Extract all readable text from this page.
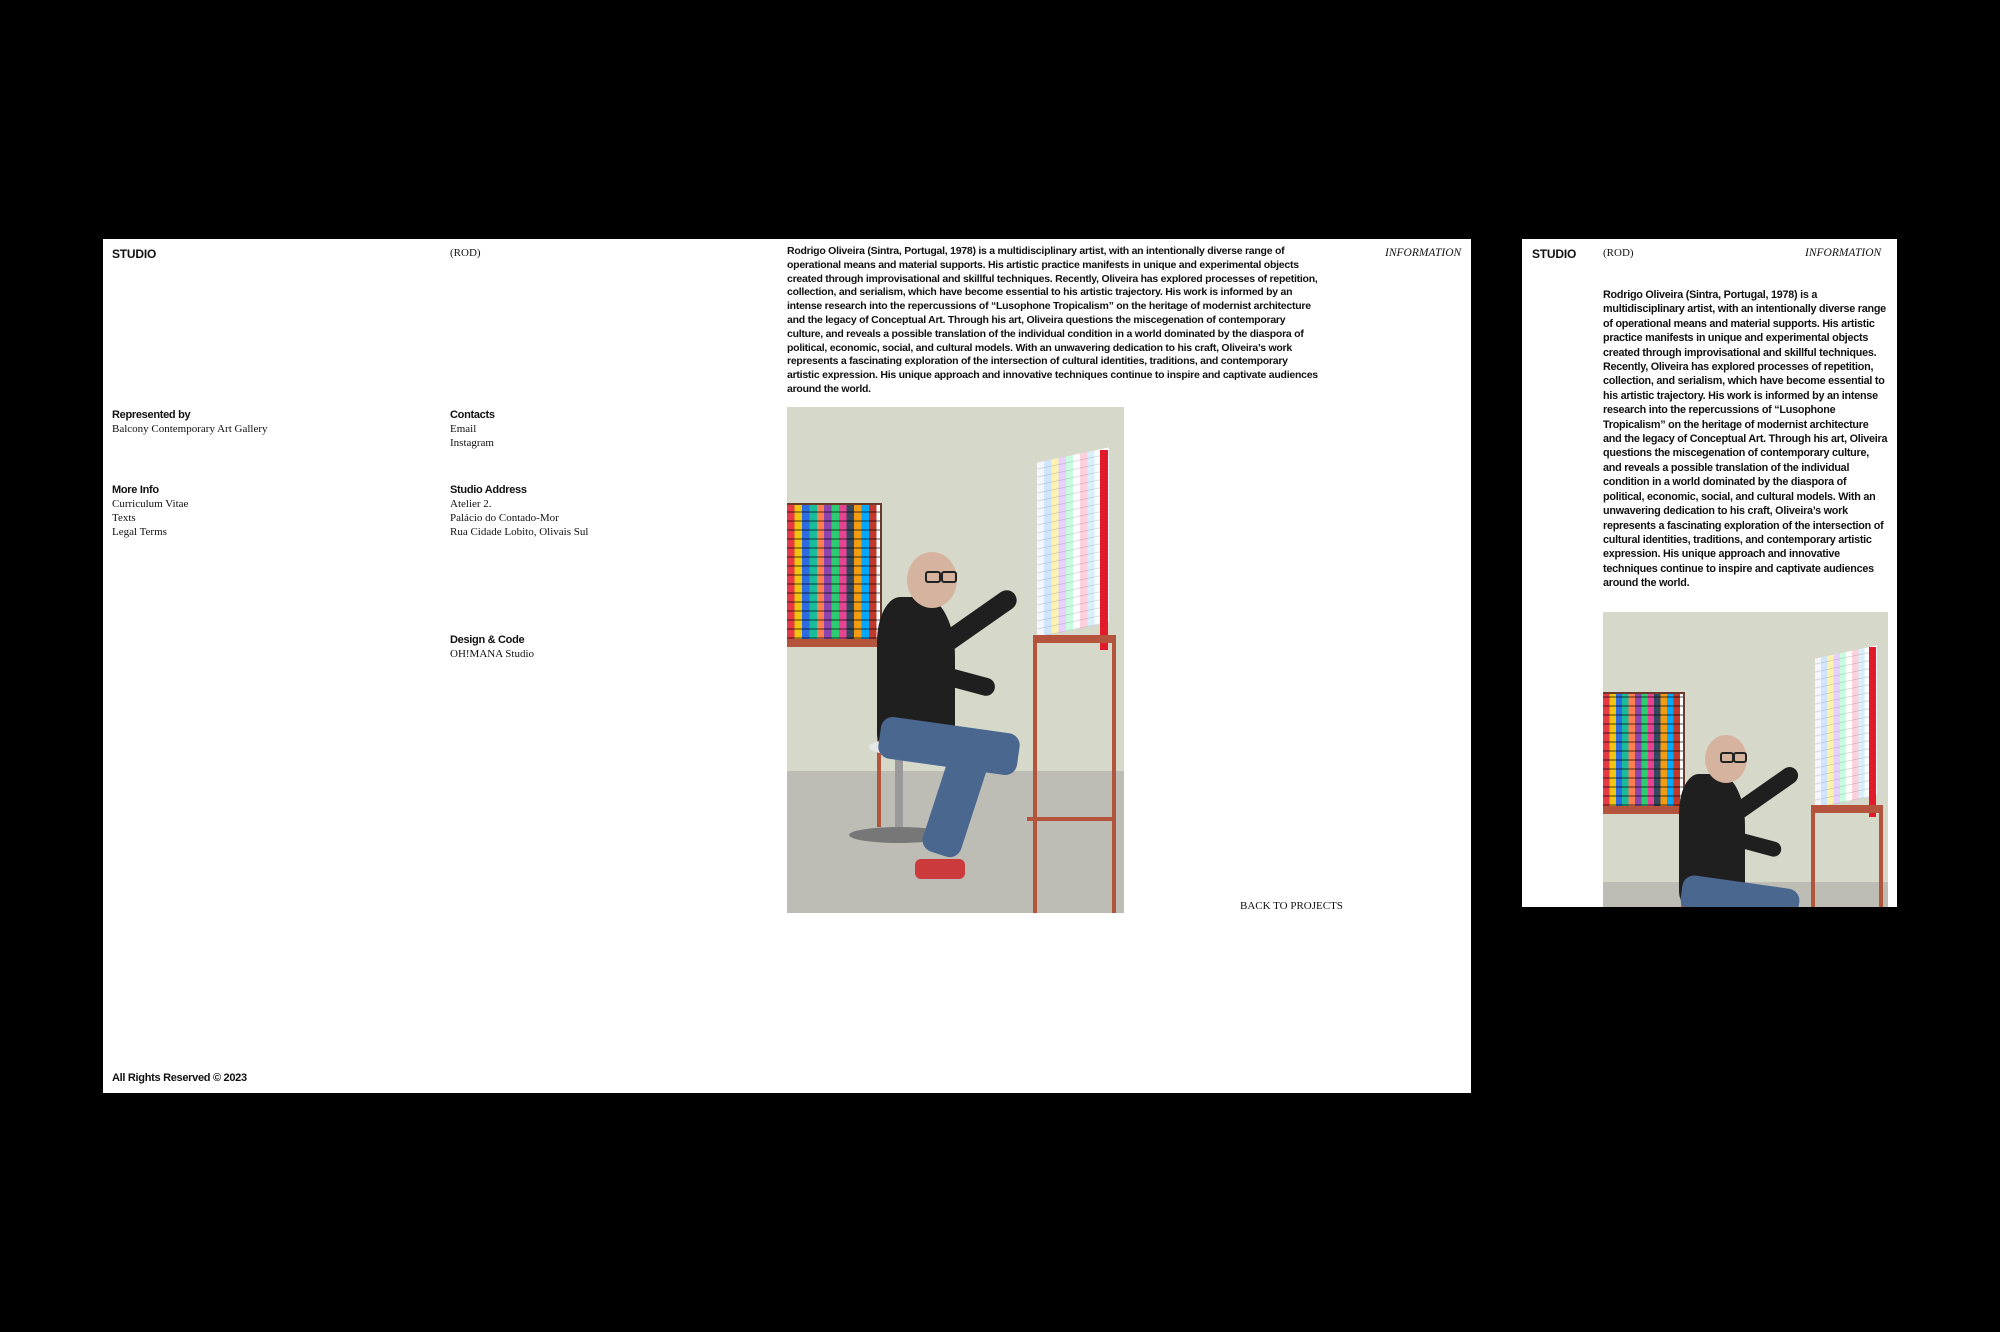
STUDIO	(ROD)	INFORMATION
Rodrigo Oliveira (Sintra, Portugal, 1978) is a multidisciplinary artist, with an intentionally diverse range of operational means and material supports. His artistic practice manifests in unique and experimental objects created through improvisational and skillful techniques. Recently, Oliveira has explored processes of repetition, collection, and serialism, which have become essential to his artistic trajectory. His work is informed by an intense research into the repercussions of “Lusophone Tropicalism” on the heritage of modernist architecture and the legacy of Conceptual Art. Through his art, Oliveira questions the miscegenation of contemporary culture, and reveals a possible translation of the individual condition in a world dominated by the diaspora of political, economic, social, and cultural models. With an unwavering dedication to his craft, Oliveira’s work represents a fascinating exploration of the intersection of cultural identities, traditions, and contemporary artistic expression. His unique approach and innovative techniques continue to inspire and captivate audiences around the world.
Represented by
Balcony Contemporary Art Gallery
Contacts
Email
Instagram
More Info
Curriculum Vitae
Texts
Legal Terms
Studio Address
Atelier 2.
Palácio do Contado-Mor
Rua Cidade Lobito, Olivais Sul
Design & Code
OH!MANA Studio
BACK TO PROJECTS
All Rights Reserved © 2023
STUDIO (ROD)	INFORMATION
Rodrigo Oliveira (Sintra, Portugal, 1978) is a multidisciplinary artist, with an intentionally diverse range of operational means and material supports. His artistic practice manifests in unique and experimental objects created through improvisational and skillful techniques. Recently, Oliveira has explored processes of repetition, collection, and serialism, which have become essential to his artistic trajectory. His work is informed by an intense research into the repercussions of “Lusophone Tropicalism” on the heritage of modernist architecture and the legacy of Conceptual Art. Through his art, Oliveira questions the miscegenation of contemporary culture, and reveals a possible translation of the individual condition in a world dominated by the diaspora of political, economic, social, and cultural models. With an unwavering dedication to his craft, Oliveira’s work represents a fascinating exploration of the intersection of cultural identities, traditions, and contemporary artistic expression. His unique approach and innovative techniques continue to inspire and captivate audiences around the world.
